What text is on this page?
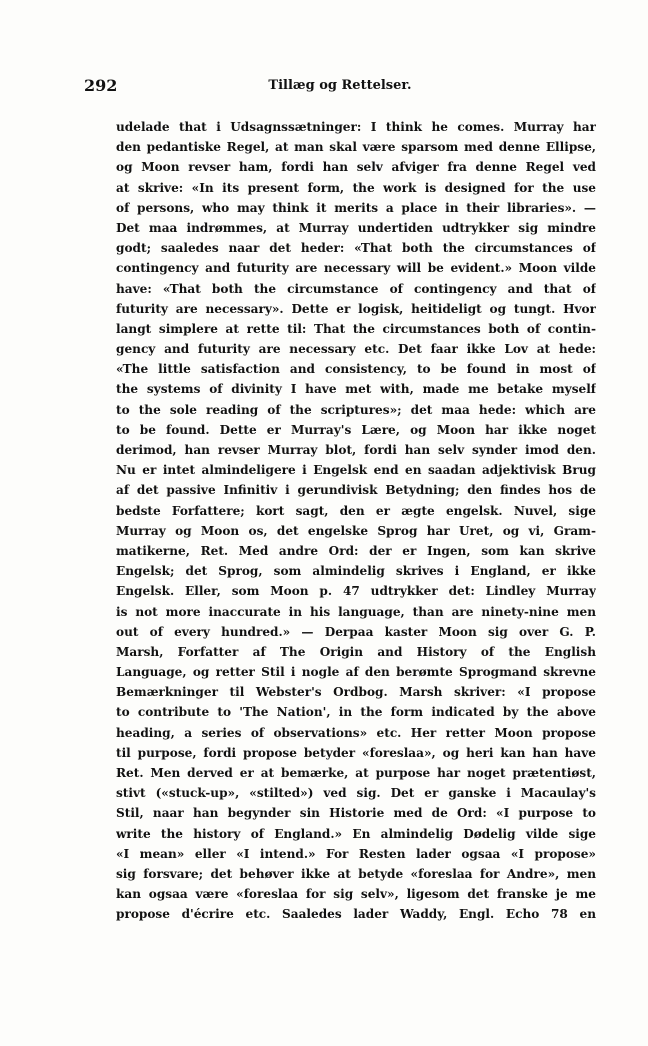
292	Tillæg og Rettelser.
udelade that i Udsagnssætninger: I think he comes. Murray har
den pedantiske Regel, at man skal være sparsom med denne Ellipse,
og Moon revser ham, fordi han selv afviger fra denne Regel ved
at skrive: «In its present form, the work is designed for the use
of persons, who may think it merits a place in their libraries». —
Det maa indrømmes, at Murray undertiden udtrykker sig mindre
godt; saaledes naar det heder: «That both the circumstances of
contingency and futurity are necessary will be evident.» Moon vilde
have: «That both the circumstance of contingency and that of
futurity are necessary». Dette er logisk, heitideligt og tungt. Hvor
langt simplere at rette til: That the circumstances both of contin-
gency and futurity are necessary etc. Det faar ikke Lov at hede:
«The little satisfaction and consistency, to be found in most of
the systems of divinity I have met with, made me betake myself
to the sole reading of the scriptures»; det maa hede: which are
to be found. Dette er Murray's Lære, og Moon har ikke noget
derimod, han revser Murray blot, fordi han selv synder imod den.
Nu er intet almindeligere i Engelsk end en saadan adjektivisk Brug
af det passive Infinitiv i gerundivisk Betydning; den findes hos de
bedste Forfattere; kort sagt, den er ægte engelsk. Nuvel, sige
Murray og Moon os, det engelske Sprog har Uret, og vi, Gram-
matikerne, Ret. Med andre Ord: der er Ingen, som kan skrive
Engelsk; det Sprog, som almindelig skrives i England, er ikke
Engelsk. Eller, som Moon p. 47 udtrykker det: Lindley Murray
is not more inaccurate in his language, than are ninety-nine men
out of every hundred.» — Derpaa kaster Moon sig over G. P.
Marsh, Forfatter af The Origin and History of the English
Language, og retter Stil i nogle af den berømte Sprogmand skrevne
Bemærkninger til Webster's Ordbog. Marsh skriver: «I propose
to contribute to 'The Nation', in the form indicated by the above
heading, a series of observations» etc. Her retter Moon propose
til purpose, fordi propose betyder «foreslaa», og heri kan han have
Ret. Men derved er at bemærke, at purpose har noget prætentiøst,
stivt («stuck-up», «stilted») ved sig. Det er ganske i Macaulay's
Stil, naar han begynder sin Historie med de Ord: «I purpose to
write the history of England.» En almindelig Dødelig vilde sige
«I mean» eller «I intend.» For Resten lader ogsaa «I propose»
sig forsvare; det behøver ikke at betyde «foreslaa for Andre», men
kan ogsaa være «foreslaa for sig selv», ligesom det franske je me
propose d'écrire etc. Saaledes lader Waddy, Engl. Echo 78 en
